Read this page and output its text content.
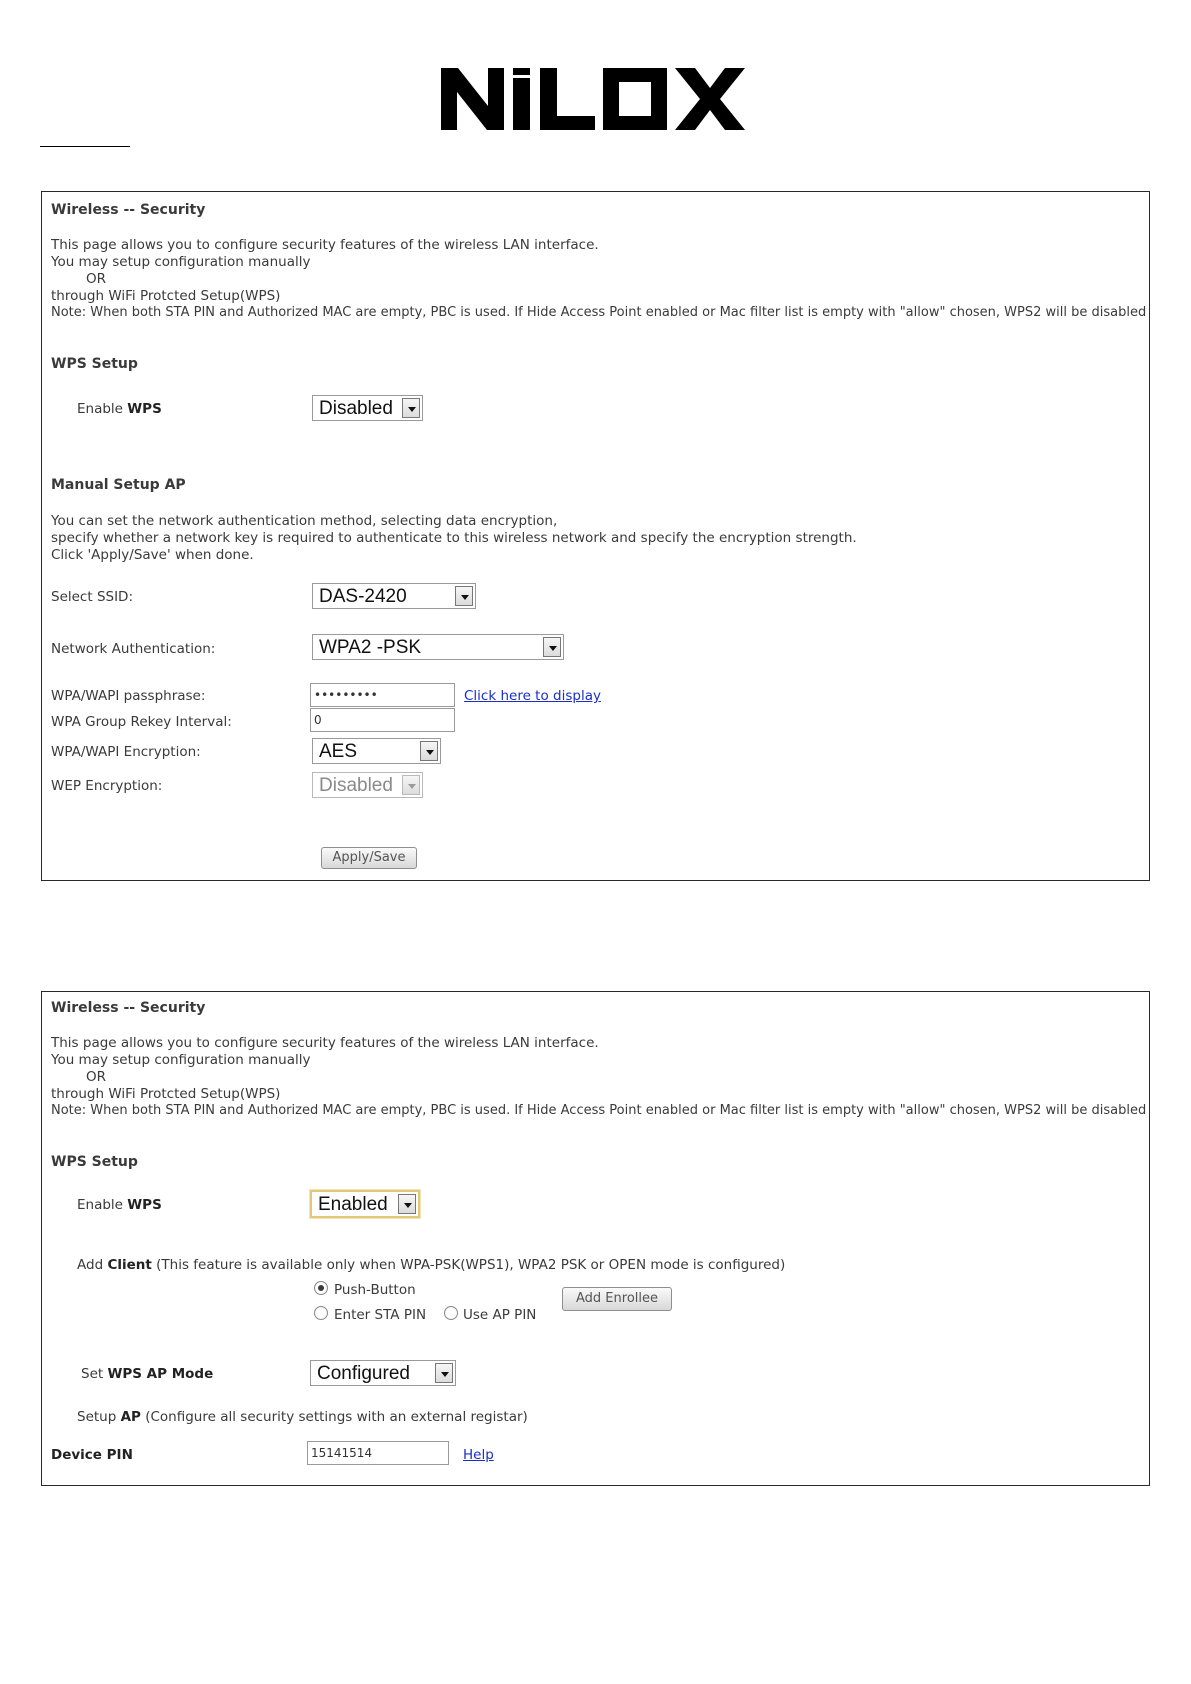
Wireless -- Security
This page allows you to configure security features of the wireless LAN interface.
You may setup configuration manually
OR
through WiFi Protcted Setup(WPS)
Note: When both STA PIN and Authorized MAC are empty, PBC is used. If Hide Access Point enabled or Mac filter list is empty with "allow" chosen, WPS2 will be disabled
WPS Setup
Enable WPS	Disabled
Manual Setup AP
You can set the network authentication method, selecting data encryption,
specify whether a network key is required to authenticate to this wireless network and specify the encryption strength.
Click 'Apply/Save' when done.
Select SSID:	DAS-2420
Network Authentication:	WPA2 -PSK
WPA/WAPI passphrase:	•••••••••	Click here to display
WPA Group Rekey Interval:	0
WPA/WAPI Encryption:	AES
WEP Encryption:	Disabled
Apply/Save
Wireless -- Security
This page allows you to configure security features of the wireless LAN interface.
You may setup configuration manually
OR
through WiFi Protcted Setup(WPS)
Note: When both STA PIN and Authorized MAC are empty, PBC is used. If Hide Access Point enabled or Mac filter list is empty with "allow" chosen, WPS2 will be disabled
WPS Setup
Enable WPS	Enabled
Add Client (This feature is available only when WPA-PSK(WPS1), WPA2 PSK or OPEN mode is configured)
Push-Button
Enter STA PIN	Use AP PIN
Add Enrollee
Set WPS AP Mode	Configured
Setup AP (Configure all security settings with an external registar)
Device PIN	15141514	Help
